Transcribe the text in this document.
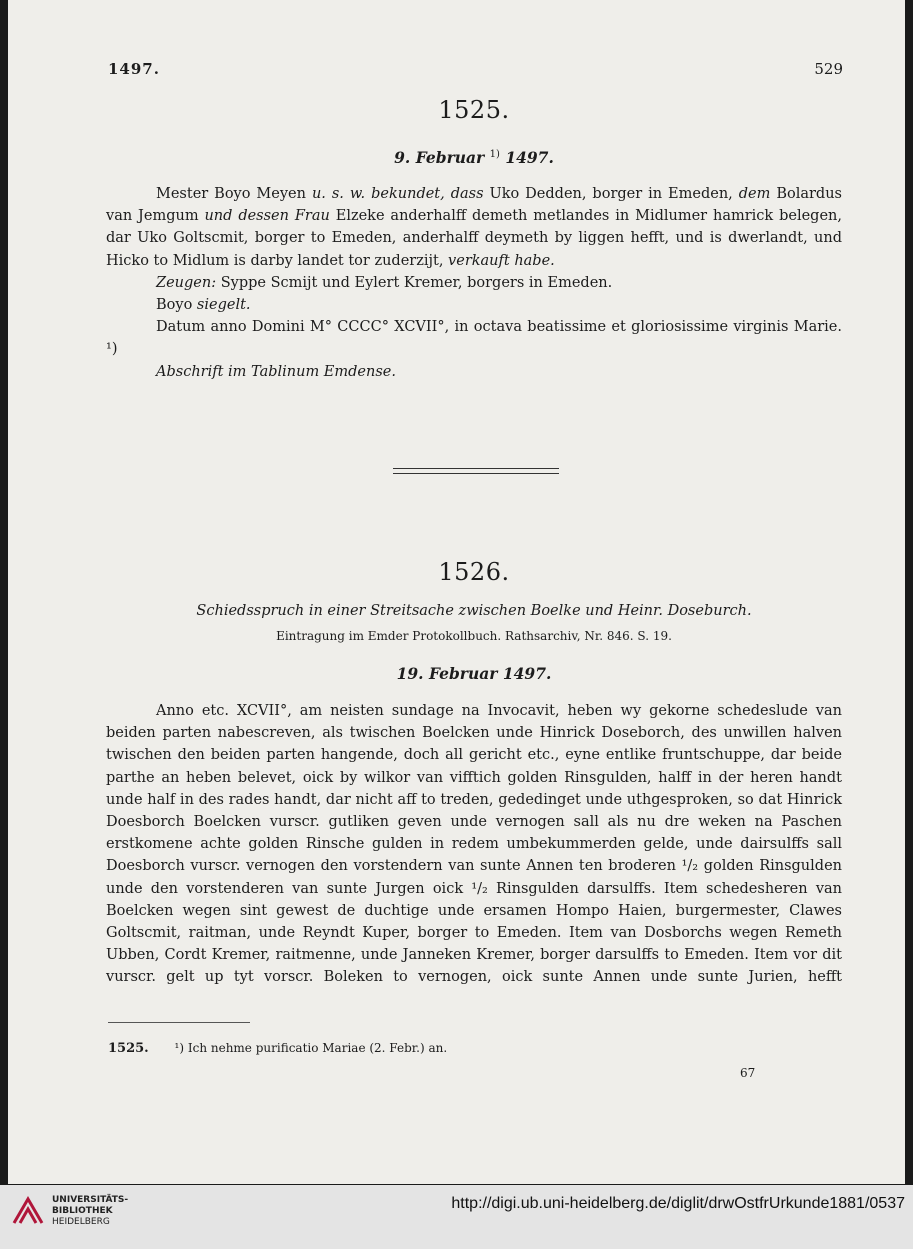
1497.	529
1525.
9. Februar $^{1)}$ 1497.

Mester Boyo Meyen u. s. w. bekundet, dass Uko Dedden, borger in Emeden, dem Bolardus van Jemgum und dessen Frau Elzeke anderhalff demeth metlandes in Midlumer hamrick belegen, dar Uko Goltscmit, borger to Emeden, anderhalff deymeth by liggen hefft, und is dwerlandt, und Hicko to Midlum is darby landet tor zuderzijt, verkauft habe.

Zeugen: Syppe Scmijt und Eylert Kremer, borgers in Emeden.

Boyo siegelt.

Datum anno Domini M° CCCC° XCVII°, in octava beatissime et gloriosissime virginis Marie. ¹)

Abschrift im Tablinum Emdense.

1526.
Schiedsspruch in einer Streitsache zwischen Boelke und Heinr. Doseburch.
Eintragung im Emder Protokollbuch. Rathsarchiv, Nr. 846. S. 19.
19. Februar 1497.

Anno etc. XCVII°, am neisten sundage na Invocavit, heben wy gekorne schedeslude van beiden parten nabescreven, als twischen Boelcken unde Hinrick Doseborch, des unwillen halven twischen den beiden parten hangende, doch all gericht etc., eyne entlike fruntschuppe, dar beide parthe an heben belevet, oick by wilkor van vifftich golden Rinsgulden, halff in der heren handt unde half in des rades handt, dar nicht aff to treden, gededinget unde uthgesproken, so dat Hinrick Doesborch Boelcken vurscr. gutliken geven unde vernogen sall als nu dre weken na Paschen erstkomene achte golden Rinsche gulden in redem umbekummerden gelde, unde dairsulffs sall Doesborch vurscr. vernogen den vorstendern van sunte Annen ten broderen ¹/₂ golden Rinsgulden unde den vorstenderen van sunte Jurgen oick ¹/₂ Rinsgulden darsulffs. Item schedesheren van Boelcken wegen sint gewest de duchtige unde ersamen Hompo Haien, burgermester, Clawes Goltscmit, raitman, unde Reyndt Kuper, borger to Emeden. Item van Dosborchs wegen Remeth Ubben, Cordt Kremer, raitmenne, unde Janneken Kremer, borger darsulffs to Emeden. Item vor dit vurscr. gelt up tyt vorscr. Boleken to vernogen, oick sunte Annen unde sunte Jurien, hefft

1525. ¹) Ich nehme purificatio Mariae (2. Febr.) an.
67
UNIVERSITÄTS-
BIBLIOTHEK
HEIDELBERG
http://digi.ub.uni-heidelberg.de/diglit/drwOstfrUrkunde1881/0537
